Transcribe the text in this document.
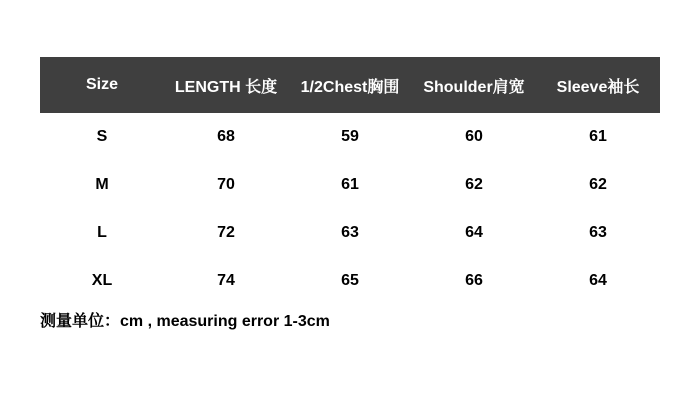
Size	LENGTH 长度	1/2Chest胸围	Shoulder肩宽	Sleeve袖长
S	68	59	60	61
M	70	61	62	62
L	72	63	64	63
XL	74	65	66	64
测量单位：cm , measuring error 1-3cm
